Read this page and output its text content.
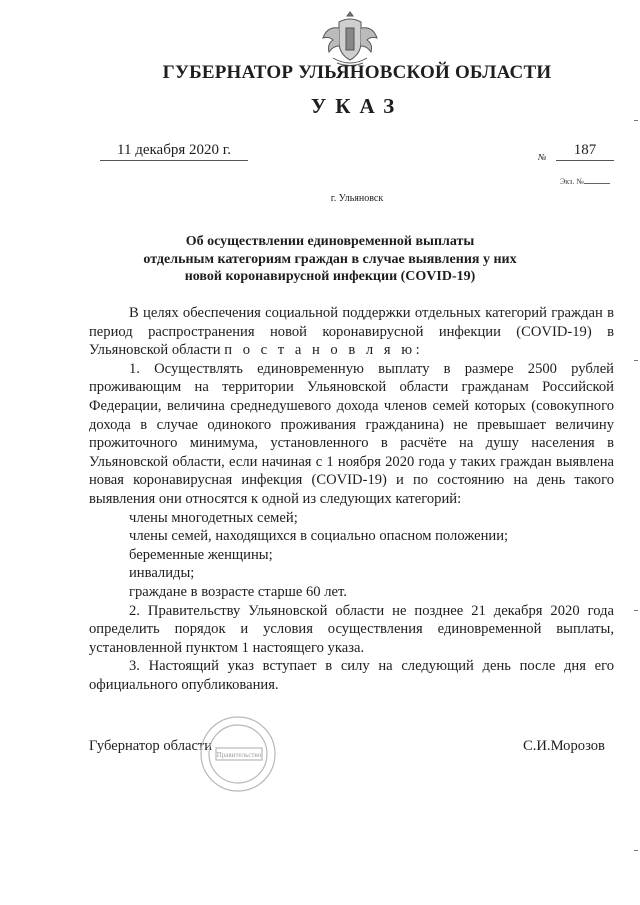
ГУБЕРНАТОР УЛЬЯНОВСКОЙ ОБЛАСТИ
УКАЗ
11 декабря 2020 г.	№	187
Экз. №
г. Ульяновск
Об осуществлении единовременной выплаты
отдельным категориям граждан в случае выявления у них
новой коронавирусной инфекции (COVID-19)

В целях обеспечения социальной поддержки отдельных категорий граждан в период распространения новой коронавирусной инфекции (COVID-19) в Ульяновской области п о с т а н о в л я ю:

1. Осуществлять единовременную выплату в размере 2500 рублей проживающим на территории Ульяновской области гражданам Российской Федерации, величина среднедушевого дохода членов семей которых (совокупного дохода в случае одинокого проживания гражданина) не превышает величину прожиточного минимума, установленного в расчёте на душу населения в Ульяновской области, если начиная с 1 ноября 2020 года у таких граждан выявлена новая коронавирусная инфекция (COVID-19) и по состоянию на день такого выявления они относятся к одной из следующих категорий:

члены многодетных семей;

члены семей, находящихся в социально опасном положении;

беременные женщины;

инвалиды;

граждане в возрасте старше 60 лет.

2. Правительству Ульяновской области не позднее 21 декабря 2020 года определить порядок и условия осуществления единовременной выплаты, установленной пунктом 1 настоящего указа.

3. Настоящий указ вступает в силу на следующий день после дня его официального опубликования.

Губернатор области	С.И.Морозов
Правительство
